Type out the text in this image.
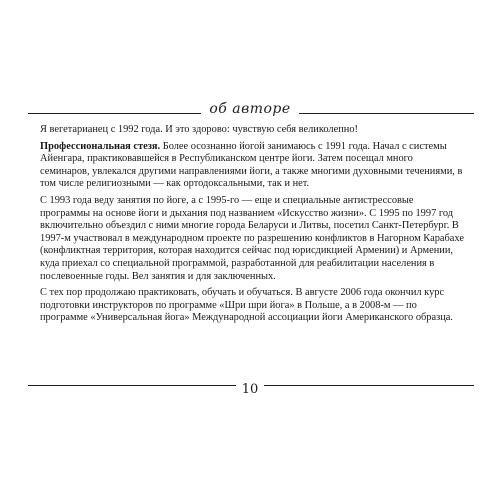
об авторе

Я вегетарианец с 1992 года. И это здорово: чувствую себя великолепно!

Профессиональная стезя. Более осознанно йогой занимаюсь с 1991 года. Начал с системы Айенгара, практиковавшейся в Республиканском центре йоги. Затем посещал много семинаров, увлекался другими направлениями йоги, а также многими духовными течениями, в том числе религиозными — как ортодоксальными, так и нет.

С 1993 года веду занятия по йоге, а с 1995-го — еще и специальные антистрессовые программы на основе йоги и дыхания под названием «Искусство жизни». С 1995 по 1997 год включительно объездил с ними многие города Беларуси и Литвы, посетил Санкт-Петербург. В 1997-м участвовал в международном проекте по разрешению конфликтов в Нагорном Карабахе (конфликтная территория, которая находится сейчас под юрисдикцией Армении) и Армении, куда приехал со специальной программой, разработанной для реабилитации населения в послевоенные годы. Вел занятия и для заключенных.

С тех пор продолжаю практиковать, обучать и обучаться. В августе 2006 года окончил курс подготовки инструкторов по программе «Шри шри йога» в Польше, а в 2008-м — по программе «Универсальная йога» Международной ассоциации йоги Американского образца.

10
